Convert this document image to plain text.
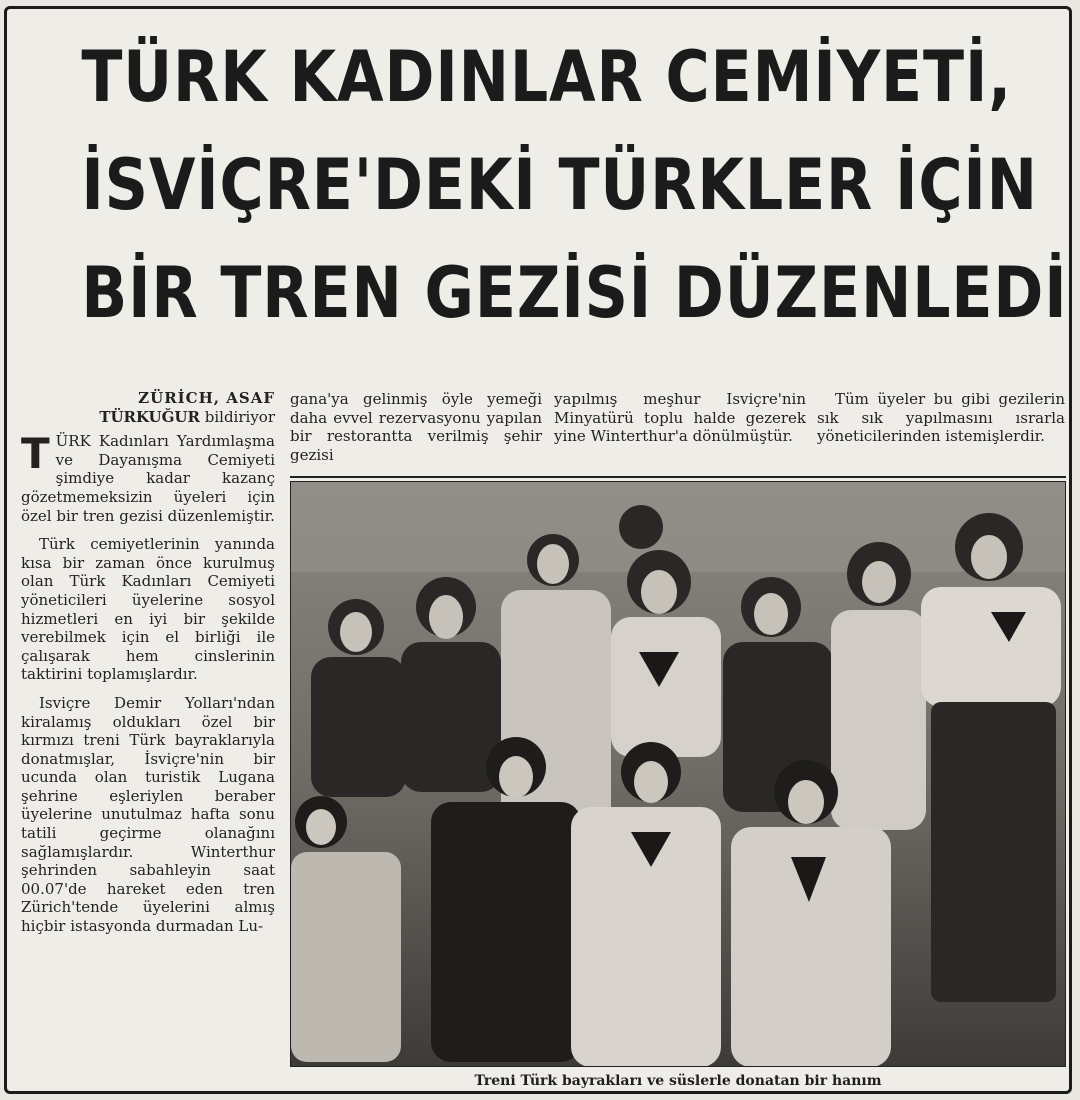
TÜRK KADINLAR CEMİYETİ,
İSVİÇRE'DEKİ TÜRKLER İÇİN
BİR TREN GEZİSİ DÜZENLEDİ
ZÜRİCH, ASAF
TÜRKUĞUR bildiriyor

TÜRK Kadınları Yardımlaşma ve Dayanışma Cemiyeti şimdiye kadar kazanç gözetmemeksizin üyeleri için özel bir tren gezisi düzenlemiştir.

Türk cemiyetlerinin yanında kısa bir zaman önce kurulmuş olan Türk Kadınları Cemiyeti yöneticileri üyelerine sosyol hizmetleri en iyi bir şekilde verebilmek için el birliği ile çalışarak hem cinslerinin taktirini toplamışlardır.

Isviçre Demir Yolları'ndan kiralamış oldukları özel bir kırmızı treni Türk bayraklarıyla donatmışlar, İsviçre'nin bir ucunda olan turistik Lugana şehrine eşleriylen beraber üyelerine unutulmaz hafta sonu tatili geçirme olanağını sağlamışlardır. Winterthur şehrinden sabahleyin saat 00.07'de hareket eden tren Zürich'tende üyelerini almış hiçbir istasyonda durmadan Lu-

gana'ya gelinmiş öyle yemeği daha evvel rezervasyonu yapılan bir restorantta verilmiş şehir gezisi

yapılmış meşhur Isviçre'nin Minyatürü toplu halde gezerek yine Winterthur'a dönülmüştür.

Tüm üyeler bu gibi gezilerin sık sık yapılmasını ısrarla yöneticilerinden istemişlerdir.

Treni Türk bayrakları ve süslerle donatan bir hanım
